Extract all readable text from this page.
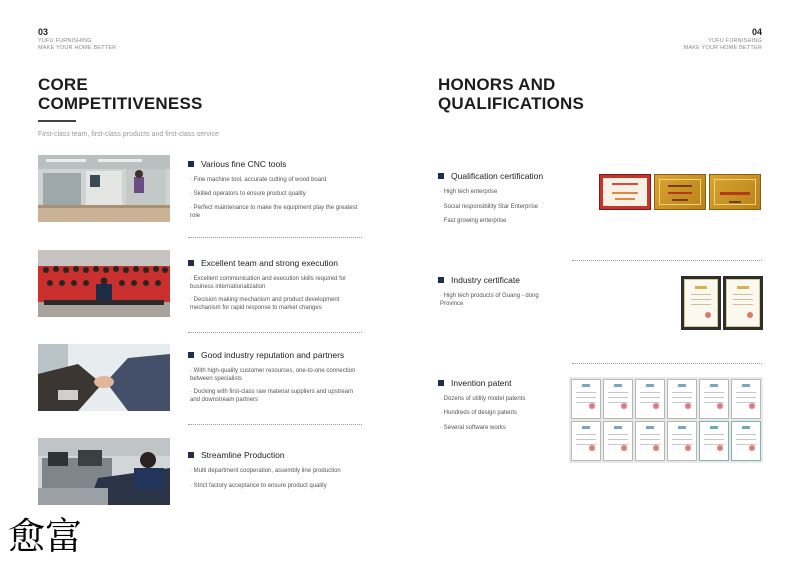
03
YUFU FURNISHING
MAKE YOUR HOME BETTER
CORE
COMPETITIVENESS
First-class team, first-class products and first-class service
Various fine CNC tools
· Fine machine tool, accurate cutting of wood board
· Skilled operators to ensure product quality
· Perfect maintenance to make the equipment play the greatest role
Excellent team and strong execution
· Excellent communication and execution skills required for business internationalization
· Decision making mechanism and product development mechanism for rapid response to market changes
Good industry reputation and partners
· With high-quality customer resources, one-to-one connection between specialists
· Docking with first-class raw material suppliers and upstream and downstream partners
Streamline Production
· Multi department cooperation, assembly line production
· Strict factory acceptance to ensure product quality
04
YUFU FURNISHING
MAKE YOUR HOME BETTER
HONORS AND
QUALIFICATIONS
Qualification certification
· High tech enterprise
· Social responsibility Star Enterprise
· Fast growing enterprise
Industry certificate
· High tech products of Guang - dong Province
Invention patent
· Dozens of utility model patents
· Hundreds of design patents
· Several software works
愈富
